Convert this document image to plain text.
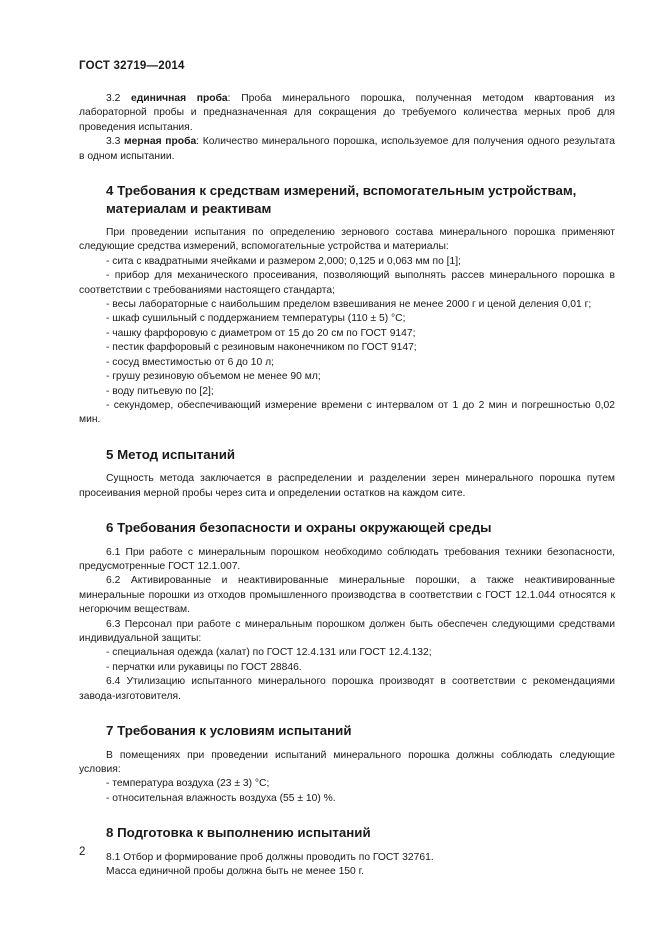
ГОСТ 32719—2014

3.2 единичная проба: Проба минерального порошка, полученная методом квартования из лабораторной пробы и предназначенная для сокращения до требуемого количества мерных проб для проведения испытания.

3.3 мерная проба: Количество минерального порошка, используемое для получения одного результата в одном испытании.

4 Требования к средствам измерений, вспомогательным устройствам, материалам и реактивам

При проведении испытания по определению зернового состава минерального порошка применяют следующие средства измерений, вспомогательные устройства и материалы:

- сита с квадратными ячейками и размером 2,000; 0,125 и 0,063 мм по [1];

- прибор для механического просеивания, позволяющий выполнять рассев минерального порошка в соответствии с требованиями настоящего стандарта;

- весы лабораторные с наибольшим пределом взвешивания не менее 2000 г и ценой деления 0,01 г;

- шкаф сушильный с поддержанием температуры (110 ± 5) °С;

- чашку фарфоровую с диаметром от 15 до 20 см по ГОСТ 9147;

- пестик фарфоровый с резиновым наконечником по ГОСТ 9147;

- сосуд вместимостью от 6 до 10 л;

- грушу резиновую объемом не менее 90 мл;

- воду питьевую по [2];

- секундомер, обеспечивающий измерение времени с интервалом от 1 до 2 мин и погрешностью 0,02 мин.

5 Метод испытаний

Сущность метода заключается в распределении и разделении зерен минерального порошка путем просеивания мерной пробы через сита и определении остатков на каждом сите.

6 Требования безопасности и охраны окружающей среды

6.1 При работе с минеральным порошком необходимо соблюдать требования техники безопасности, предусмотренные ГОСТ 12.1.007.

6.2 Активированные и неактивированные минеральные порошки, а также неактивированные минеральные порошки из отходов промышленного производства в соответствии с ГОСТ 12.1.044 относятся к негорючим веществам.

6.3 Персонал при работе с минеральным порошком должен быть обеспечен следующими средствами индивидуальной защиты:

- специальная одежда (халат) по ГОСТ 12.4.131 или ГОСТ 12.4.132;

- перчатки или рукавицы по ГОСТ 28846.

6.4 Утилизацию испытанного минерального порошка производят в соответствии с рекомендациями завода-изготовителя.

7 Требования к условиям испытаний

В помещениях при проведении испытаний минерального порошка должны соблюдать следующие условия:

- температура воздуха (23 ± 3) °С;

- относительная влажность воздуха (55 ± 10) %.

8 Подготовка к выполнению испытаний

8.1 Отбор и формирование проб должны проводить по ГОСТ 32761.

Масса единичной пробы должна быть не менее 150 г.

2
